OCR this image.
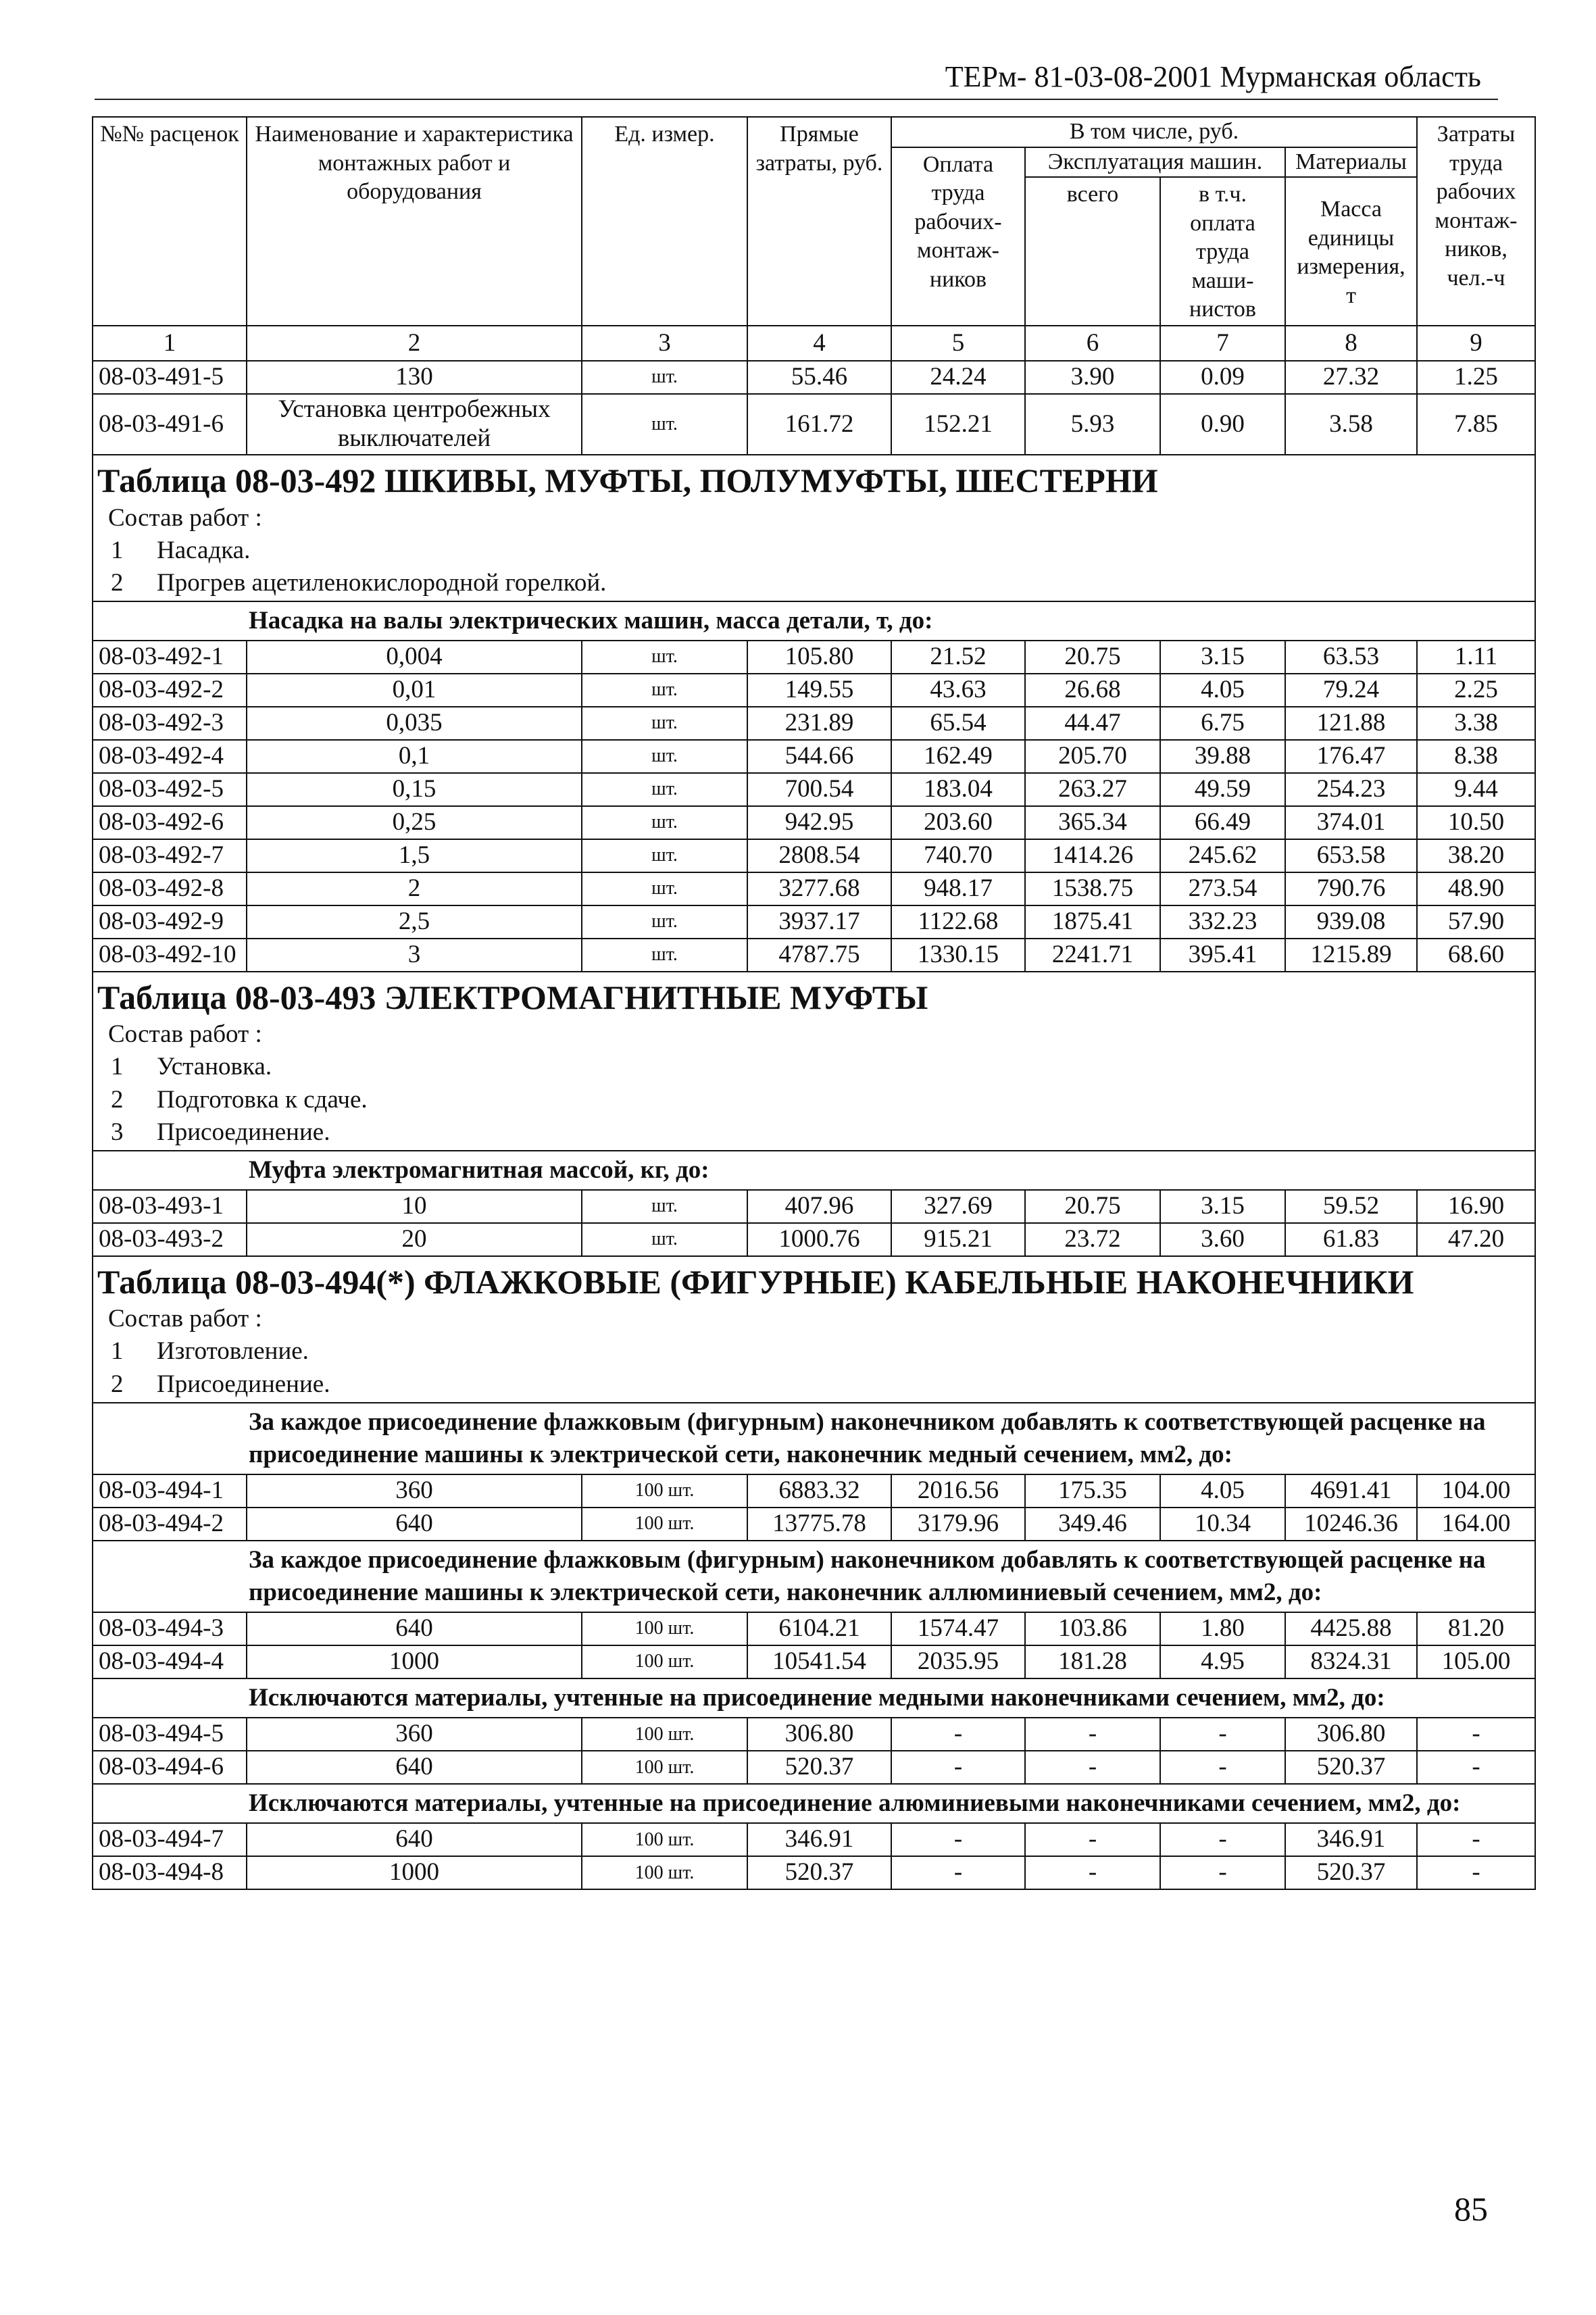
ТЕРм- 81-03-08-2001 Мурманская область
№№ расценок	Наименование и характеристика монтажных работ и оборудования	Ед. измер.	Прямые затраты, руб.	В том числе, руб.				Затраты труда рабочих монтаж-ников, чел.-ч
				Оплата труда рабочих-монтаж-ников	Эксплуатация машин.		Материалы	
					всего	в т.ч. оплата труда маши-нистов	Масса единицы измерения, т	
1	2	3	4	5	6	7	8	9
08-03-491-5	130	шт.	55.46	24.24	3.90	0.09	27.32	1.25
08-03-491-6	Установка центробежных выключателей	шт.	161.72	152.21	5.93	0.90	3.58	7.85

Таблица 08-03-492 ШКИВЫ, МУФТЫ, ПОЛУМУФТЫ, ШЕСТЕРНИ
Состав работ :
1 Насадка.
2 Прогрев ацетиленокислородной горелкой.								

Насадка на валы электрических машин, масса детали, т, до:								
08-03-492-1	0,004	шт.	105.80	21.52	20.75	3.15	63.53	1.11
08-03-492-2	0,01	шт.	149.55	43.63	26.68	4.05	79.24	2.25
08-03-492-3	0,035	шт.	231.89	65.54	44.47	6.75	121.88	3.38
08-03-492-4	0,1	шт.	544.66	162.49	205.70	39.88	176.47	8.38
08-03-492-5	0,15	шт.	700.54	183.04	263.27	49.59	254.23	9.44
08-03-492-6	0,25	шт.	942.95	203.60	365.34	66.49	374.01	10.50
08-03-492-7	1,5	шт.	2808.54	740.70	1414.26	245.62	653.58	38.20
08-03-492-8	2	шт.	3277.68	948.17	1538.75	273.54	790.76	48.90
08-03-492-9	2,5	шт.	3937.17	1122.68	1875.41	332.23	939.08	57.90
08-03-492-10	3	шт.	4787.75	1330.15	2241.71	395.41	1215.89	68.60

Таблица 08-03-493 ЭЛЕКТРОМАГНИТНЫЕ МУФТЫ
Состав работ :
1 Установка.
2 Подготовка к сдаче.
3 Присоединение.								

Муфта электромагнитная массой, кг, до:								
08-03-493-1	10	шт.	407.96	327.69	20.75	3.15	59.52	16.90
08-03-493-2	20	шт.	1000.76	915.21	23.72	3.60	61.83	47.20

Таблица 08-03-494(*) ФЛАЖКОВЫЕ (ФИГУРНЫЕ) КАБЕЛЬНЫЕ НАКОНЕЧНИКИ
Состав работ :
1 Изготовление.
2 Присоединение.								

За каждое присоединение флажковым (фигурным) наконечником добавлять к соответствующей расценке на присоединение машины к электрической сети, наконечник медный сечением, мм2, до:								
08-03-494-1	360	100 шт.	6883.32	2016.56	175.35	4.05	4691.41	104.00
08-03-494-2	640	100 шт.	13775.78	3179.96	349.46	10.34	10246.36	164.00
За каждое присоединение флажковым (фигурным) наконечником добавлять к соответствующей расценке на присоединение машины к электрической сети, наконечник аллюминиевый сечением, мм2, до:								
08-03-494-3	640	100 шт.	6104.21	1574.47	103.86	1.80	4425.88	81.20
08-03-494-4	1000	100 шт.	10541.54	2035.95	181.28	4.95	8324.31	105.00
Исключаются материалы, учтенные на присоединение медными наконечниками сечением, мм2, до:								
08-03-494-5	360	100 шт.	306.80	-	-	-	306.80	-
08-03-494-6	640	100 шт.	520.37	-	-	-	520.37	-
Исключаются материалы, учтенные на присоединение алюминиевыми наконечниками сечением, мм2, до:								
08-03-494-7	640	100 шт.	346.91	-	-	-	346.91	-
08-03-494-8	1000	100 шт.	520.37	-	-	-	520.37	-
85
